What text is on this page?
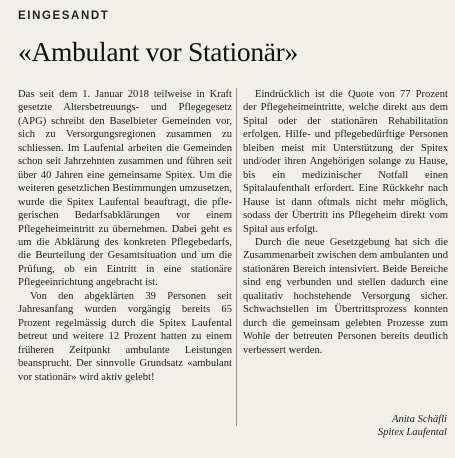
EINGESANDT
«Ambulant vor Stationär»

Das seit dem 1. Januar 2018 teilweise in Kraft gesetzte Altersbetreuungs- und Pflegegesetz (APG) schreibt den Baselbieter Gemeinden vor, sich zu Versorgungsregionen zusammen zu schliessen. Im Laufental arbeiten die Gemeinden schon seit Jahrzehnten zusammen und führen seit über 40 Jahren eine gemeinsame Spitex. Um die weiteren gesetzlichen Bestimmungen umzusetzen, wurde die Spitex Laufental beauftragt, die pflegerischen Bedarfsabklärungen vor einem Pflegeheimeintritt zu übernehmen. Dabei geht es um die Abklärung des konkreten Pflegebedarfs, die Beurteilung der Gesamtsituation und um die Prüfung, ob ein Eintritt in eine stationäre Pflegeeinrichtung angebracht ist.

Von den abgeklärten 39 Personen seit Jahresanfang wurden vorgängig bereits 65 Prozent regelmässig durch die Spitex Laufental betreut und weitere 12 Prozent hatten zu einem früheren Zeitpunkt ambulante Leistungen beansprucht. Der sinnvolle Grundsatz «ambulant vor stationär» wird aktiv gelebt!

Eindrücklich ist die Quote von 77 Prozent der Pflegeheimeintritte, welche direkt aus dem Spital oder der stationären Rehabilitation erfolgen. Hilfe- und pflegebedürftige Personen bleiben meist mit Unterstützung der Spitex und/oder ihren Angehörigen solange zu Hause, bis ein medizinischer Notfall einen Spitalaufenthalt erfordert. Eine Rückkehr nach Hause ist dann oftmals nicht mehr möglich, sodass der Übertritt ins Pflegeheim direkt vom Spital aus erfolgt.

Durch die neue Gesetzgebung hat sich die Zusammenarbeit zwischen dem ambulanten und stationären Bereich intensiviert. Beide Bereiche sind eng verbunden und stellen dadurch eine qualitativ hochstehende Versorgung sicher. Schwachstellen im Übertrittsprozess konnten durch die gemeinsam gelebten Prozesse zum Wohle der betreuten Personen bereits deutlich verbessert werden.

Anita Schäfli
Spitex Laufental
